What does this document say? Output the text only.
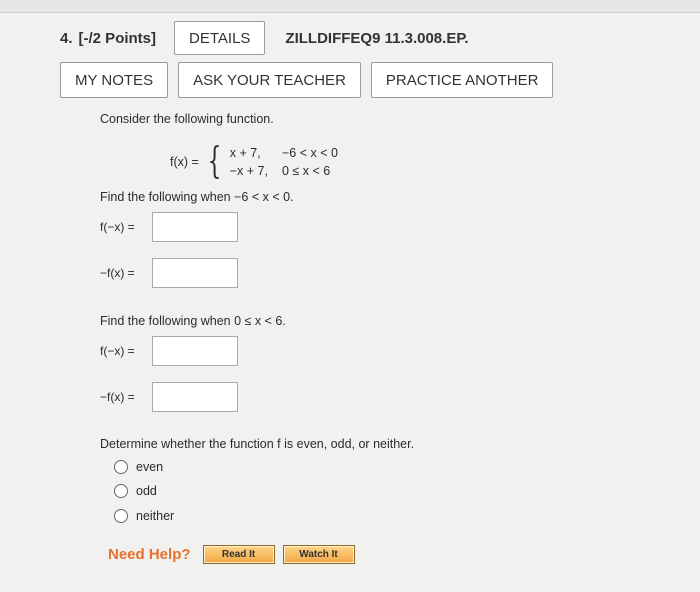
4. [-/2 Points]	DETAILS	ZILLDIFFEQ9 11.3.008.EP.
MY NOTES	ASK YOUR TEACHER	PRACTICE ANOTHER
Consider the following function.
f(x) = { x + 7,	−6 < x < 0
−x + 7, 0 ≤ x < 6
Find the following when −6 < x < 0.
f(−x) =
−f(x) =
Find the following when 0 ≤ x < 6.
f(−x) =
−f(x) =
Determine whether the function f is even, odd, or neither.
even
odd
neither
Need Help?	Read It	Watch It
